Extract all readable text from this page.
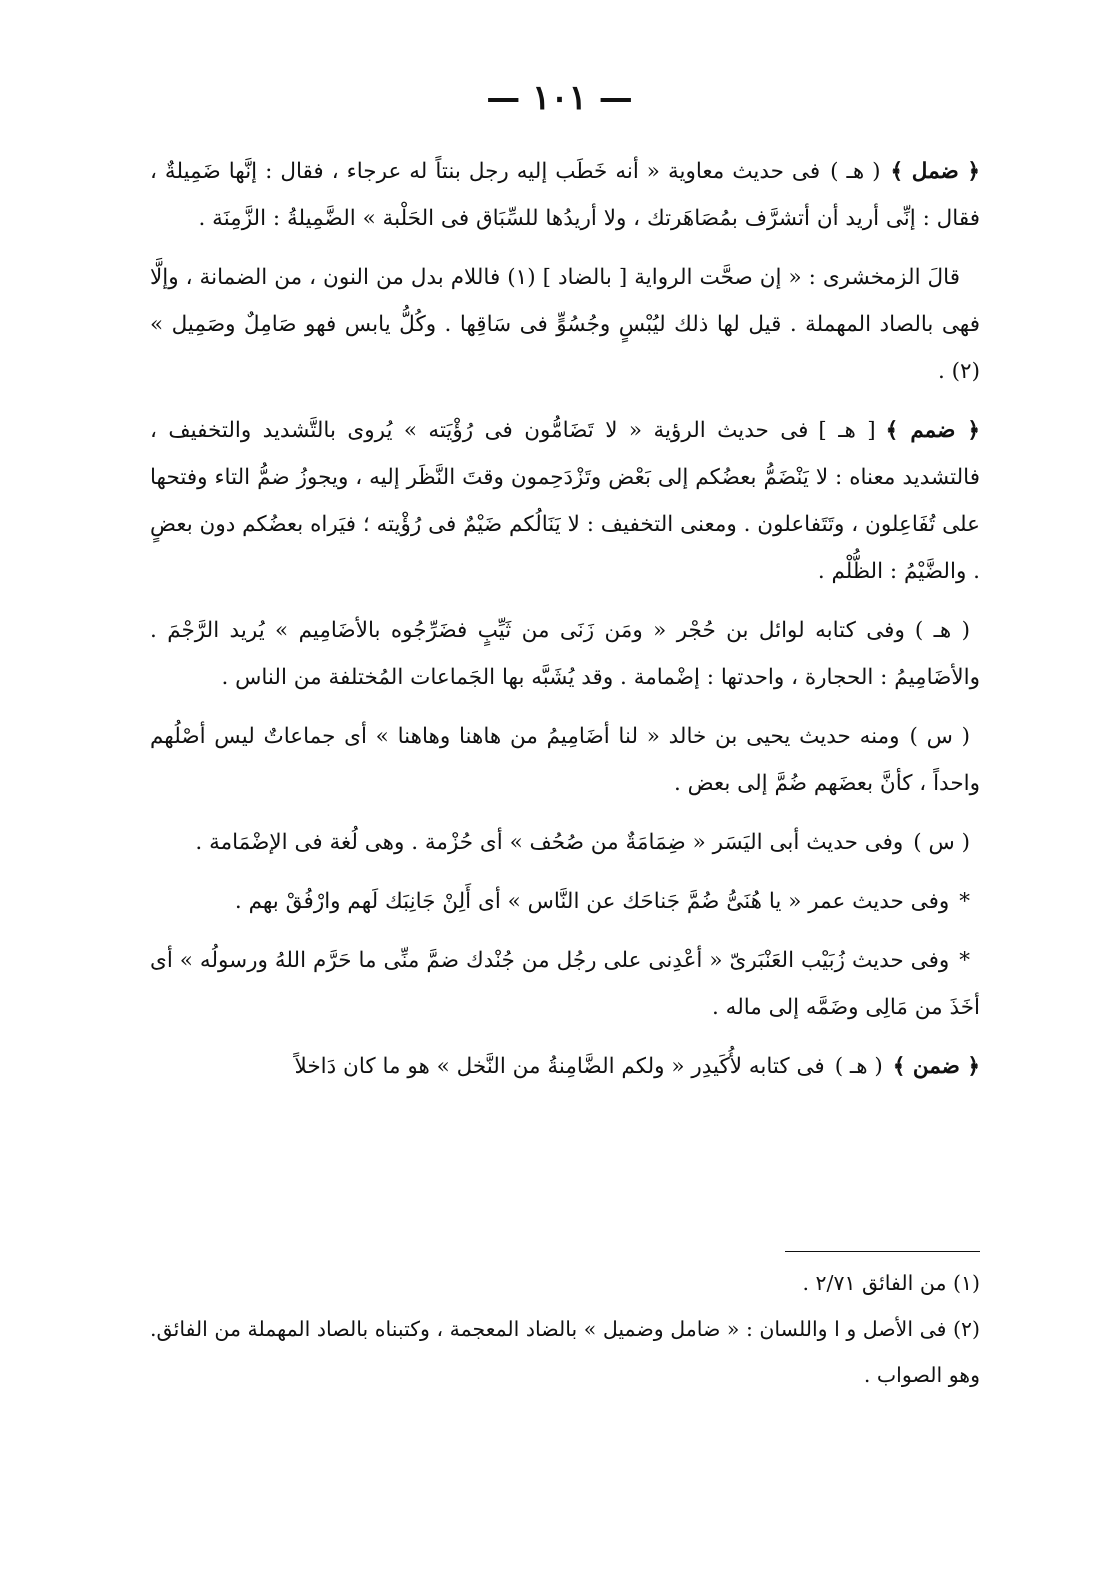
— ١٠١ —

﴿ ضمل ﴾( هـ )فى حديث معاوية « أنه خَطَب إليه رجل بنتاً له عرجاء ، فقال : إنَّها ضَمِيلةٌ ، فقال : إنِّى أريد أن أتشرَّف بمُصَاهَرتك ، ولا أريدُها للسِّبَاق فى الحَلْبة » الضَّمِيلةُ : الزَّمِنَة .

قالَ الزمخشرى : « إن صحَّت الرواية [ بالضاد ] (١) فاللام بدل من النون ، من الضمانة ، وإلَّا فهى بالصاد المهملة . قيل لها ذلك ليُبْسٍ وجُسُوٍّ فى سَاقِها . وكُلُّ يابس فهو صَامِلٌ وصَمِيل » (٢) .

﴿ ضمم ﴾[ هـ ]فى حديث الرؤية « لا تَضَامُّون فى رُؤْيَته » يُروى بالتَّشديد والتخفيف ، فالتشديد معناه : لا يَنْضَمُّ بعضُكم إلى بَعْض وتَزْدَحِمون وقتَ النَّظَر إليه ، ويجوزُ ضمُّ التاء وفتحها على تُفَاعِلون ، وتَتَفاعلون . ومعنى التخفيف : لا يَنَالُكم ضَيْمٌ فى رُؤْيته ؛ فيَراه بعضُكم دون بعضٍ . والضَّيْمُ : الظُّلْم .

( هـ )وفى كتابه لوائل بن حُجْر « ومَن زَنَى من ثَيِّبٍ فضَرِّجُوه بالأضَامِيم » يُريد الرَّجْمَ . والأضَامِيمُ : الحجارة ، واحدتها : إضْمامة . وقد يُشَبَّه بها الجَماعات المُختلفة من الناس .

( س )ومنه حديث يحيى بن خالد « لنا أضَامِيمُ من هاهنا وهاهنا » أى جماعاتٌ ليس أصْلُهم واحداً ، كأنَّ بعضَهم ضُمَّ إلى بعض .

( س )وفى حديث أبى اليَسَر « ضِمَامَةٌ من صُحُف » أى حُزْمة . وهى لُغة فى الإضْمَامة .

*وفى حديث عمر « يا هُنَىُّ ضُمَّ جَناحَك عن النَّاس » أى أَلِنْ جَانِبَك لَهم وارْفُقْ بهم .

*وفى حديث زُبَيْب العَنْبَرىّ « أعْدِنى على رجُل من جُنْدك ضمَّ منِّى ما حَرَّم اللهُ ورسولُه » أى أخَذَ من مَالِى وضَمَّه إلى ماله .

﴿ ضمن ﴾( هـ )فى كتابه لأُكَيدِر « ولكم الضَّامِنةُ من النَّخل » هو ما كان دَاخلاً

(١) من الفائق ٢/٧١ .

(٢) فى الأصل و ا واللسان : « ضامل وضميل » بالضاد المعجمة ، وكتبناه بالصاد المهملة من الفائق. وهو الصواب .
